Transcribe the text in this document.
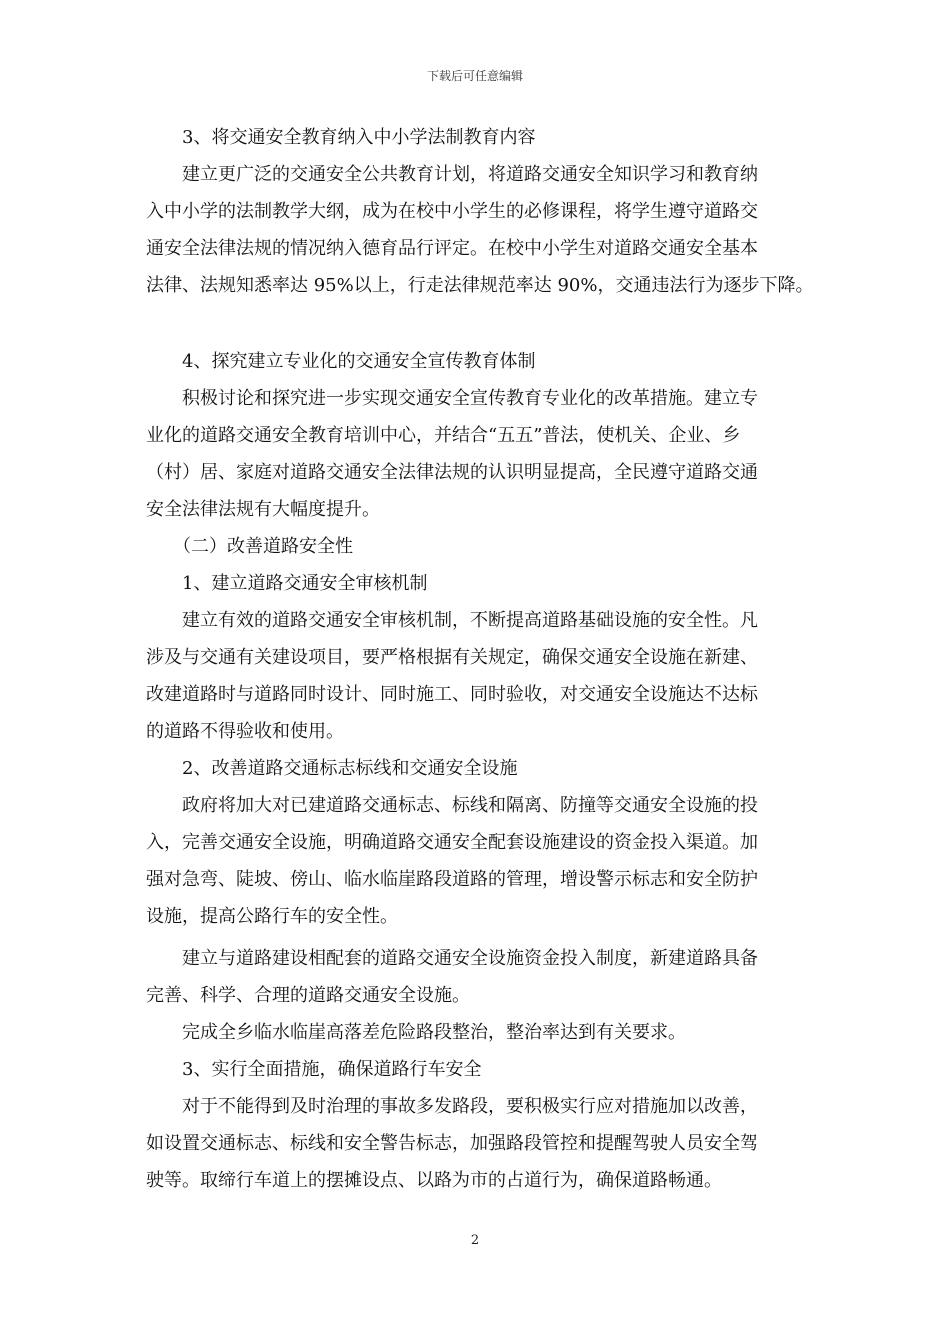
下载后可任意编辑
　　3、将交通安全教育纳入中小学法制教育内容
　　建立更广泛的交通安全公共教育计划，将道路交通安全知识学习和教育纳
入中小学的法制教学大纲，成为在校中小学生的必修课程，将学生遵守道路交
通安全法律法规的情况纳入德育品行评定。在校中小学生对道路交通安全基本
法律、法规知悉率达 95%以上，行走法律规范率达 90%，交通违法行为逐步下降。
　　4、探究建立专业化的交通安全宣传教育体制
　　积极讨论和探究进一步实现交通安全宣传教育专业化的改革措施。建立专
业化的道路交通安全教育培训中心，并结合“五五”普法，使机关、企业、乡
（村）居、家庭对道路交通安全法律法规的认识明显提高，全民遵守道路交通
安全法律法规有大幅度提升。
　　（二）改善道路安全性
　　1、建立道路交通安全审核机制
　　建立有效的道路交通安全审核机制，不断提高道路基础设施的安全性。凡
涉及与交通有关建设项目，要严格根据有关规定，确保交通安全设施在新建、
改建道路时与道路同时设计、同时施工、同时验收，对交通安全设施达不达标
的道路不得验收和使用。
　　2、改善道路交通标志标线和交通安全设施
　　政府将加大对已建道路交通标志、标线和隔离、防撞等交通安全设施的投
入，完善交通安全设施，明确道路交通安全配套设施建设的资金投入渠道。加
强对急弯、陡坡、傍山、临水临崖路段道路的管理，增设警示标志和安全防护
设施，提高公路行车的安全性。
　　建立与道路建设相配套的道路交通安全设施资金投入制度，新建道路具备
完善、科学、合理的道路交通安全设施。
　　完成全乡临水临崖高落差危险路段整治，整治率达到有关要求。
　　3、实行全面措施，确保道路行车安全
　　对于不能得到及时治理的事故多发路段，要积极实行应对措施加以改善，
如设置交通标志、标线和安全警告标志，加强路段管控和提醒驾驶人员安全驾
驶等。取缔行车道上的摆摊设点、以路为市的占道行为，确保道路畅通。
2
